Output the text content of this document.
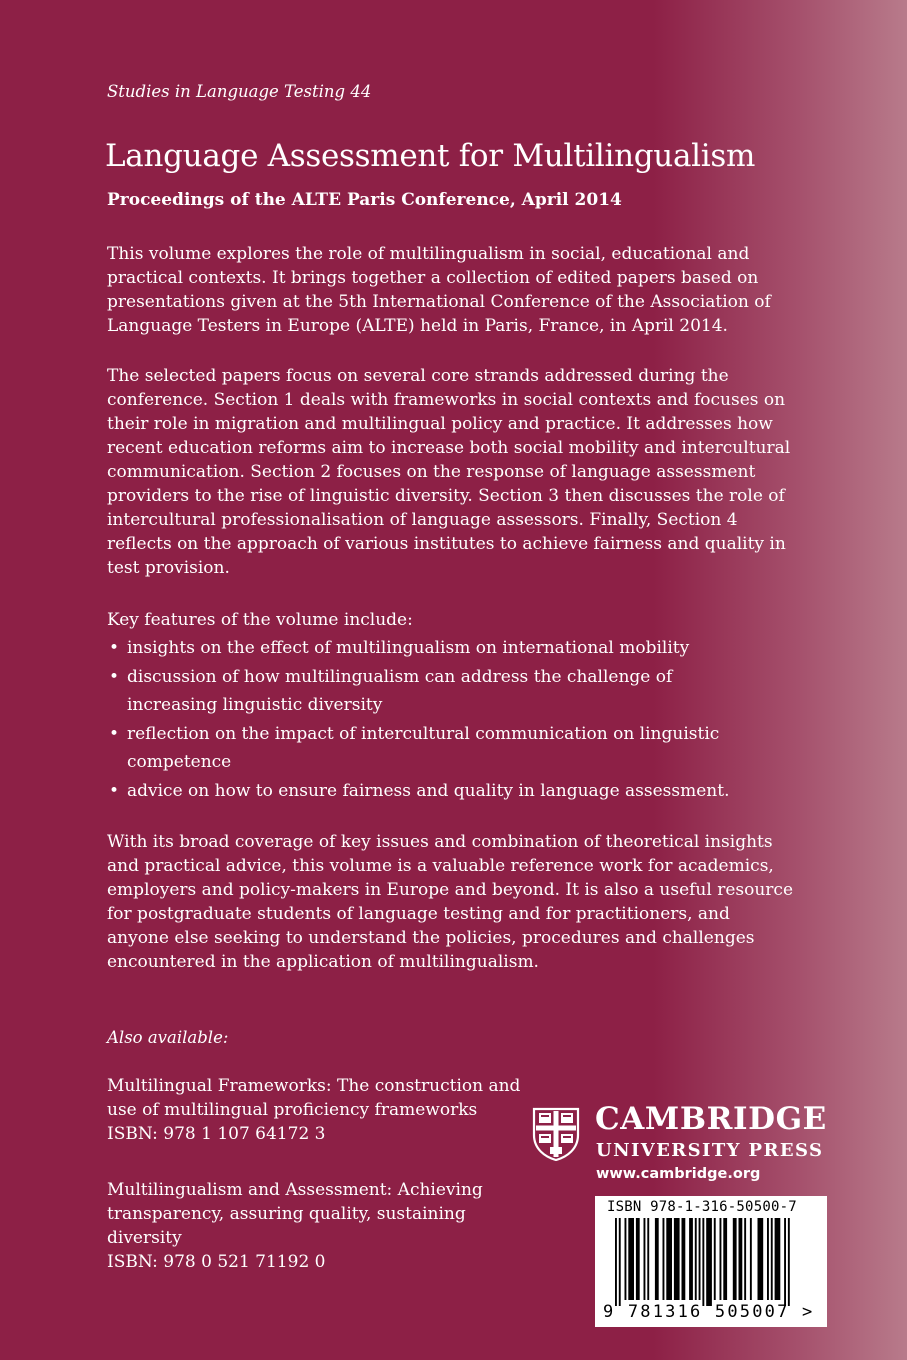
Studies in Language Testing 44
Language Assessment for Multilingualism
Proceedings of the ALTE Paris Conference, April 2014

This volume explores the role of multilingualism in social, educational and practical contexts. It brings together a collection of edited papers based on presentations given at the 5th International Conference of the Association of Language Testers in Europe (ALTE) held in Paris, France, in April 2014.

The selected papers focus on several core strands addressed during the conference. Section 1 deals with frameworks in social contexts and focuses on their role in migration and multilingual policy and practice. It addresses how recent education reforms aim to increase both social mobility and intercultural communication. Section 2 focuses on the response of language assessment providers to the rise of linguistic diversity. Section 3 then discusses the role of intercultural professionalisation of language assessors. Finally, Section 4 reflects on the approach of various institutes to achieve fairness and quality in test provision.

Key features of the volume include:
• insights on the effect of multilingualism on international mobility
• discussion of how multilingualism can address the challenge of increasing linguistic diversity
• reflection on the impact of intercultural communication on linguistic competence
• advice on how to ensure fairness and quality in language assessment.

With its broad coverage of key issues and combination of theoretical insights and practical advice, this volume is a valuable reference work for academics, employers and policy-makers in Europe and beyond. It is also a useful resource for postgraduate students of language testing and for practitioners, and anyone else seeking to understand the policies, procedures and challenges encountered in the application of multilingualism.

Also available:
Multilingual Frameworks: The construction and use of multilingual proficiency frameworks
ISBN: 978 1 107 64172 3
Multilingualism and Assessment: Achieving transparency, assuring quality, sustaining diversity
ISBN: 978 0 521 71192 0
CAMBRIDGE
UNIVERSITY PRESS
www.cambridge.org
ISBN 978-1-316-50500-7
9 781316 505007 >
